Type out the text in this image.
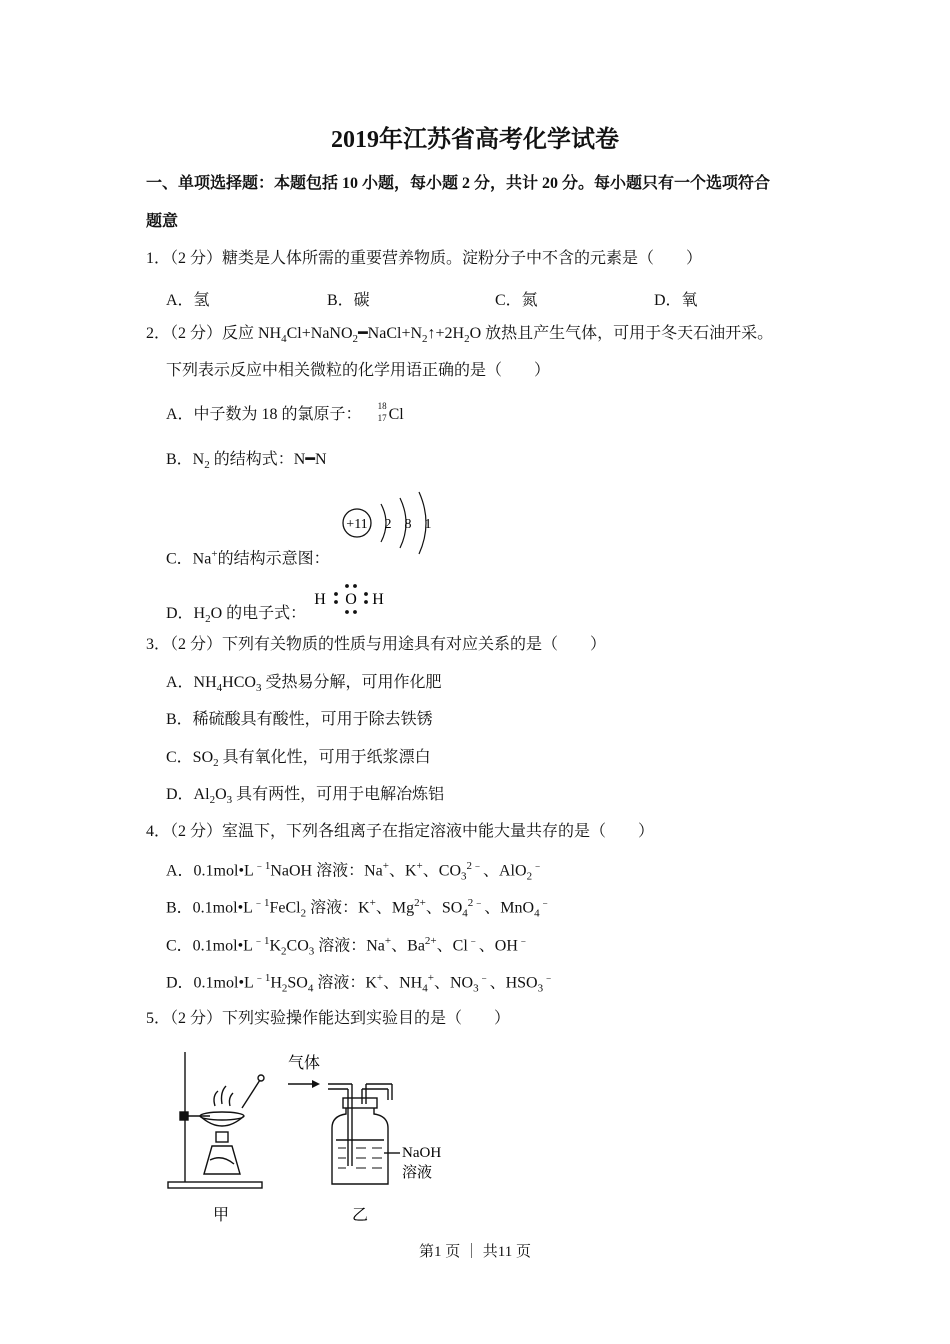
2019年江苏省高考化学试卷
一、单项选择题：本题包括 10 小题，每小题 2 分，共计 20 分。每小题只有一个选项符合
题意
1．（2 分）糖类是人体所需的重要营养物质。淀粉分子中不含的元素是（　　）
A．氢	B．碳	C．氮	D．氧
2．（2 分）反应 $NH_4Cl+NaNO_2━NaCl+N_2↑+2H_2O$ 放热且产生气体，可用于冬天石油开采。
下列表示反应中相关微粒的化学用语正确的是（　　）
A．中子数为 18 的氯原子： 18
17 Cl
B．$N_2$ 的结构式：N━N
C．Na+的结构示意图：
+11 2 8 1
D．$H_2O$ 的电子式：
H O H
3．（2 分）下列有关物质的性质与用途具有对应关系的是（　　）
A．$NH_4HCO_3$ 受热易分解，可用作化肥
B．稀硫酸具有酸性，可用于除去铁锈
C．$SO_2$ 具有氧化性，可用于纸浆漂白
D．$Al_2O_3$ 具有两性，可用于电解冶炼铝
4．（2 分）室温下，下列各组离子在指定溶液中能大量共存的是（　　）
A．$0.1mol•L^{﹣1}NaOH$ 溶液：Na+、K+、$CO_3^{2﹣}$、AlO$_2$﹣
B．$0.1mol•L^{﹣1}FeCl_2$ 溶液：K+、$Mg^{2+}$、$SO_4^{2﹣}$、MnO$_4$﹣
C．$0.1mol•L^{﹣1}K_2CO_3$ 溶液：Na+、$Ba^{2+}$、Cl﹣、OH﹣
D．$0.1mol•L^{﹣1}H_2SO_4$ 溶液：K+、$NH_4^+$、$NO_3^﹣$、$HSO_3^﹣$
5．（2 分）下列实验操作能达到实验目的是（　　）
甲
气体
NaOH
溶液
乙
第1 页 ｜ 共11 页
